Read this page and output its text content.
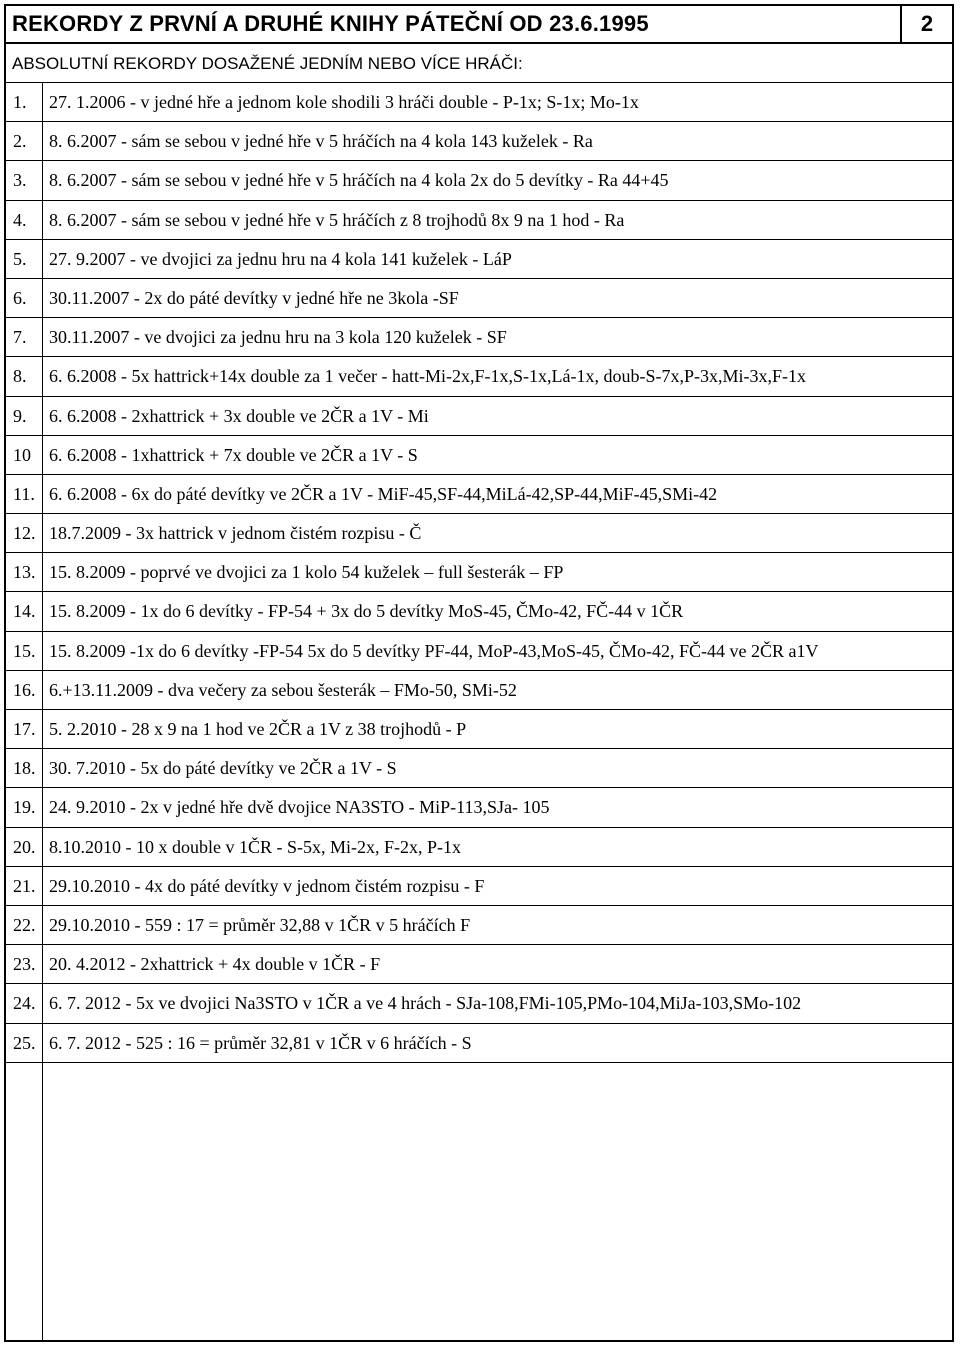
REKORDY Z PRVNÍ A DRUHÉ KNIHY PÁTEČNÍ OD 23.6.1995	2
ABSOLUTNÍ REKORDY DOSAŽENÉ JEDNÍM NEBO VÍCE HRÁČI:
1. 27. 1.2006 - v jedné hře a jednom kole shodili 3 hráči double - P-1x; S-1x; Mo-1x
2. 8. 6.2007 - sám se sebou v jedné hře v 5 hráčích na 4 kola 143 kuželek - Ra
3. 8. 6.2007 - sám se sebou v jedné hře v 5 hráčích na 4 kola 2x do 5 devítky - Ra 44+45
4. 8. 6.2007 - sám se sebou v jedné hře v 5 hráčích z 8 trojhodů 8x 9 na 1 hod - Ra
5. 27. 9.2007 - ve dvojici za jednu hru na 4 kola 141 kuželek - LáP
6. 30.11.2007 - 2x do páté devítky v jedné hře ne 3kola -SF
7. 30.11.2007 - ve dvojici za jednu hru na 3 kola 120 kuželek - SF
8. 6. 6.2008 - 5x hattrick+14x double za 1 večer - hatt-Mi-2x,F-1x,S-1x,Lá-1x, doub-S-7x,P-3x,Mi-3x,F-1x
9. 6. 6.2008 - 2xhattrick + 3x double ve 2ČR a 1V - Mi
10 6. 6.2008 - 1xhattrick + 7x double ve 2ČR a 1V - S
11. 6. 6.2008 - 6x do páté devítky ve 2ČR a 1V - MiF-45,SF-44,MiLá-42,SP-44,MiF-45,SMi-42
12. 18.7.2009 - 3x hattrick v jednom čistém rozpisu - Č
13. 15. 8.2009 - poprvé ve dvojici za 1 kolo 54 kuželek – full šesterák – FP
14. 15. 8.2009 - 1x do 6 devítky - FP-54 + 3x do 5 devítky MoS-45, ČMo-42, FČ-44 v 1ČR
15. 15. 8.2009 -1x do 6 devítky -FP-54 5x do 5 devítky PF-44, MoP-43,MoS-45, ČMo-42, FČ-44 ve 2ČR a1V
16. 6.+13.11.2009 - dva večery za sebou šesterák – FMo-50, SMi-52
17. 5. 2.2010 - 28 x 9 na 1 hod ve 2ČR a 1V z 38 trojhodů - P
18. 30. 7.2010 - 5x do páté devítky ve 2ČR a 1V - S
19. 24. 9.2010 - 2x v jedné hře dvě dvojice NA3STO - MiP-113,SJa- 105
20. 8.10.2010 - 10 x double v 1ČR - S-5x, Mi-2x, F-2x, P-1x
21. 29.10.2010 - 4x do páté devítky v jednom čistém rozpisu - F
22. 29.10.2010 - 559 : 17 = průměr 32,88 v 1ČR v 5 hráčích F
23. 20. 4.2012 - 2xhattrick + 4x double v 1ČR - F
24. 6. 7. 2012 - 5x ve dvojici Na3STO v 1ČR a ve 4 hrách - SJa-108,FMi-105,PMo-104,MiJa-103,SMo-102
25. 6. 7. 2012 - 525 : 16 = průměr 32,81 v 1ČR v 6 hráčích - S
